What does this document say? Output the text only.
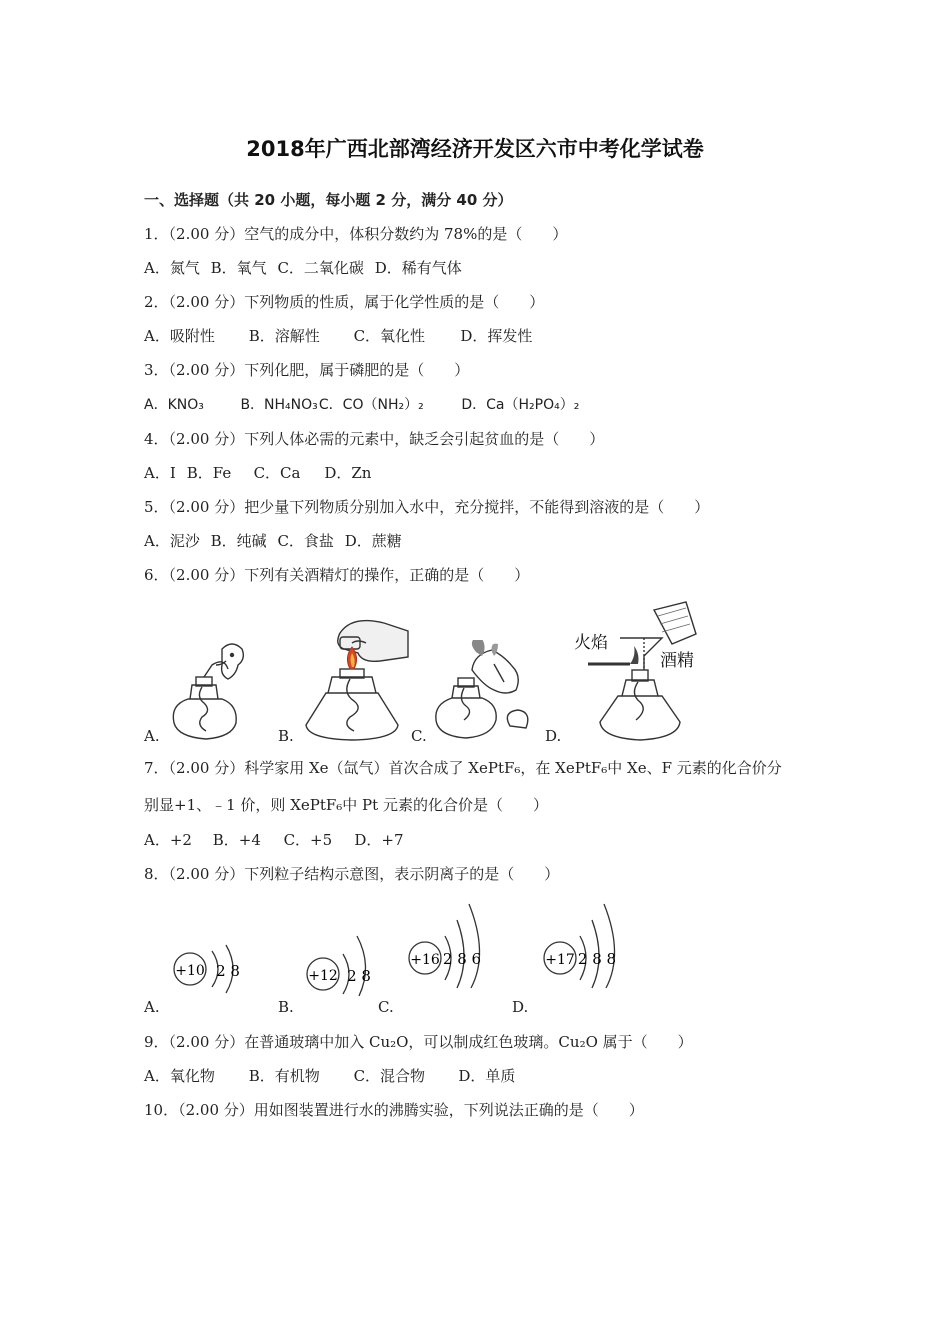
2018年广西北部湾经济开发区六市中考化学试卷
一、选择题（共 20 小题，每小题 2 分，满分 40 分）
1．（2.00 分）空气的成分中，体积分数约为 78%的是（　　）
A．氮气 B．氧气 C．二氧化碳 D．稀有气体
2．（2.00 分）下列物质的性质，属于化学性质的是（　　）
A．吸附性 B．溶解性 C．氧化性 D．挥发性
3．（2.00 分）下列化肥，属于磷肥的是（　　）
A．KNO₃	B．NH₄NO₃ C．CO（NH₂）₂	D．Ca（H₂PO₄）₂
4．（2.00 分）下列人体必需的元素中，缺乏会引起贫血的是（　　）
A．I B．Fe C．Ca D．Zn
5．（2.00 分）把少量下列物质分别加入水中，充分搅拌，不能得到溶液的是（　　）
A．泥沙 B．纯碱 C．食盐 D．蔗糖
6．（2.00 分）下列有关酒精灯的操作，正确的是（　　）
A.	B.	C.
火焰
酒精
D.
7．（2.00 分）科学家用 Xe（氙气）首次合成了 XePtF₆，在 XePtF₆中 Xe、F 元素的化合价分
别显+1、﹣1 价，则 XePtF₆中 Pt 元素的化合价是（　　）
A．+2 B．+4 C．+5 D．+7
8．（2.00 分）下列粒子结构示意图，表示阴离子的是（　　）
+10 2 8
A.
+12 2 8
B.
+16 2 8 6
C.
+17 2 8 8
D.
9．（2.00 分）在普通玻璃中加入 Cu₂O，可以制成红色玻璃。Cu₂O 属于（　　）
A．氧化物 B．有机物 C．混合物 D．单质
10．（2.00 分）用如图装置进行水的沸腾实验，下列说法正确的是（　　）
